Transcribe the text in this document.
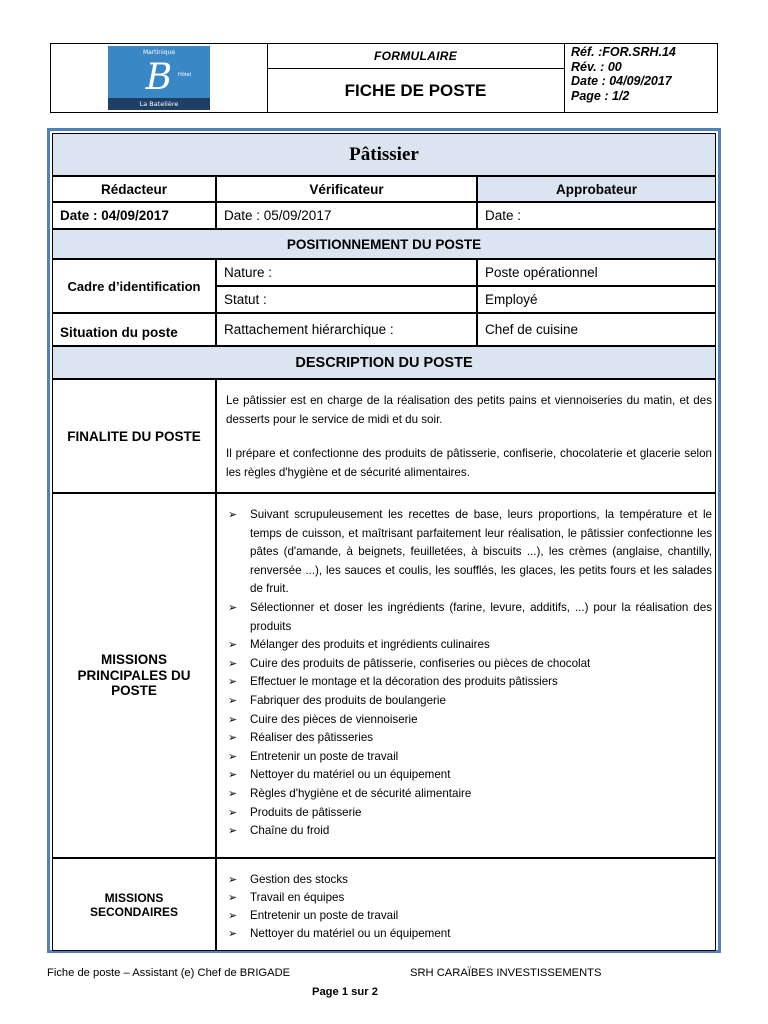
Martinique
B Hôtel
La Batelière
FORMULAIRE
FICHE DE POSTE
Réf. :FOR.SRH.14
Rév. : 00
Date : 04/09/2017
Page : 1/2
Pâtissier
Rédacteur	Vérificateur	Approbateur
Date : 04/09/2017	Date : 05/09/2017	Date :
POSITIONNEMENT DU POSTE
Cadre d’identification
Nature :	Poste opérationnel
Statut :	Employé
Situation du poste	Rattachement hiérarchique :	Chef de cuisine
DESCRIPTION DU POSTE
FINALITE DU POSTE
Le pâtissier est en charge de la réalisation des petits pains et viennoiseries du matin, et des desserts pour le service de midi et du soir.
Il prépare et confectionne des produits de pâtisserie, confiserie, chocolaterie et glacerie selon les règles d'hygiène et de sécurité alimentaires.
MISSIONS PRINCIPALES DU POSTE
➢ Suivant scrupuleusement les recettes de base, leurs proportions, la température et le temps de cuisson, et maîtrisant parfaitement leur réalisation, le pâtissier confectionne les pâtes (d'amande, à beignets, feuilletées, à biscuits ...), les crèmes (anglaise, chantilly, renversée ...), les sauces et coulis, les soufflés, les glaces, les petits fours et les salades de fruit.
➢ Sélectionner et doser les ingrédients (farine, levure, additifs, ...) pour la réalisation des produits
➢ Mélanger des produits et ingrédients culinaires
➢ Cuire des produits de pâtisserie, confiseries ou pièces de chocolat
➢ Effectuer le montage et la décoration des produits pâtissiers
➢ Fabriquer des produits de boulangerie
➢ Cuire des pièces de viennoiserie
➢ Réaliser des pâtisseries
➢ Entretenir un poste de travail
➢ Nettoyer du matériel ou un équipement
➢ Règles d'hygiène et de sécurité alimentaire
➢ Produits de pâtisserie
➢ Chaîne du froid
MISSIONS SECONDAIRES
➢ Gestion des stocks
➢ Travail en équipes
➢ Entretenir un poste de travail
➢ Nettoyer du matériel ou un équipement
Fiche de poste – Assistant (e) Chef de BRIGADE	SRH CARAÏBES INVESTISSEMENTS
Page 1 sur 2
